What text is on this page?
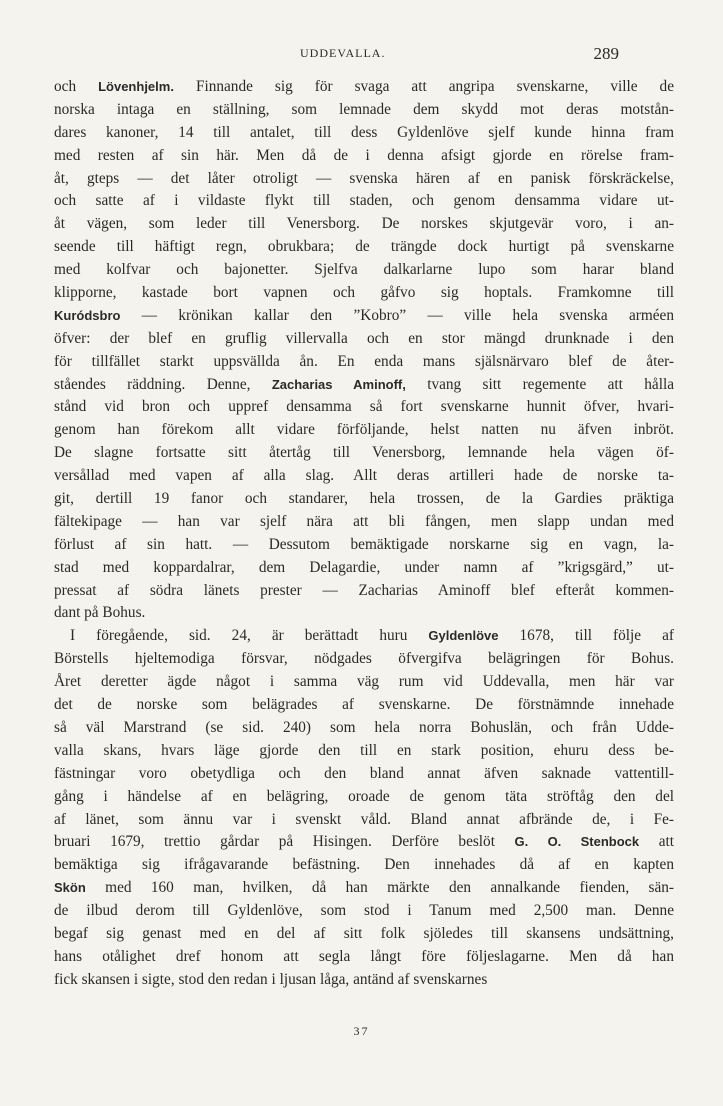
UDDEVALLA.	289
och Lövenhjelm. Finnande sig för svaga att angripa svenskarne, ville de
norska intaga en ställning, som lemnade dem skydd mot deras motstån-
dares kanoner, 14 till antalet, till dess Gyldenlöve sjelf kunde hinna fram
med resten af sin här. Men då de i denna afsigt gjorde en rörelse fram-
åt, gteps — det låter otroligt — svenska hären af en panisk förskräckelse,
och satte af i vildaste flykt till staden, och genom densamma vidare ut-
åt vägen, som leder till Venersborg. De norskes skjutgevär voro, i an-
seende till häftigt regn, obrukbara; de trängde dock hurtigt på svenskarne
med kolfvar och bajonetter. Sjelfva dalkarlarne lupo som harar bland
klipporne, kastade bort vapnen och gåfvo sig hoptals. Framkomne till
Kuródsbro — krönikan kallar den ”Kobro” — ville hela svenska arméen
öfver: der blef en gruflig villervalla och en stor mängd drunknade i den
för tillfället starkt uppsvällda ån. En enda mans själsnärvaro blef de åter-
ståendes räddning. Denne, Zacharias Aminoff, tvang sitt regemente att hålla
stånd vid bron och uppref densamma så fort svenskarne hunnit öfver, hvari-
genom han förekom allt vidare förföljande, helst natten nu äfven inbröt.
De slagne fortsatte sitt återtåg till Venersborg, lemnande hela vägen öf-
versållad med vapen af alla slag. Allt deras artilleri hade de norske ta-
git, dertill 19 fanor och standarer, hela trossen, de la Gardies präktiga
fältekipage — han var sjelf nära att bli fången, men slapp undan med
förlust af sin hatt. — Dessutom bemäktigade norskarne sig en vagn, la-
stad med koppardalrar, dem Delagardie, under namn af ”krigsgärd,” ut-
pressat af södra länets prester — Zacharias Aminoff blef efteråt kommen-
dant på Bohus.
I föregående, sid. 24, är berättadt huru Gyldenlöve 1678, till följe af
Börstells hjeltemodiga försvar, nödgades öfvergifva belägringen för Bohus.
Året deretter ägde något i samma väg rum vid Uddevalla, men här var
det de norske som belägrades af svenskarne. De förstnämnde innehade
så väl Marstrand (se sid. 240) som hela norra Bohuslän, och från Udde-
valla skans, hvars läge gjorde den till en stark position, ehuru dess be-
fästningar voro obetydliga och den bland annat äfven saknade vattentill-
gång i händelse af en belägring, oroade de genom täta ströftåg den del
af länet, som ännu var i svenskt våld. Bland annat afbrände de, i Fe-
bruari 1679, trettio gårdar på Hisingen. Derföre beslöt G. O. Stenbock att
bemäktiga sig ifrågavarande befästning. Den innehades då af en kapten
Skön med 160 man, hvilken, då han märkte den annalkande fienden, sän-
de ilbud derom till Gyldenlöve, som stod i Tanum med 2,500 man. Denne
begaf sig genast med en del af sitt folk sjöledes till skansens undsättning,
hans otålighet dref honom att segla långt före följeslagarne. Men då han
fick skansen i sigte, stod den redan i ljusan låga, antänd af svenskarnes
37
